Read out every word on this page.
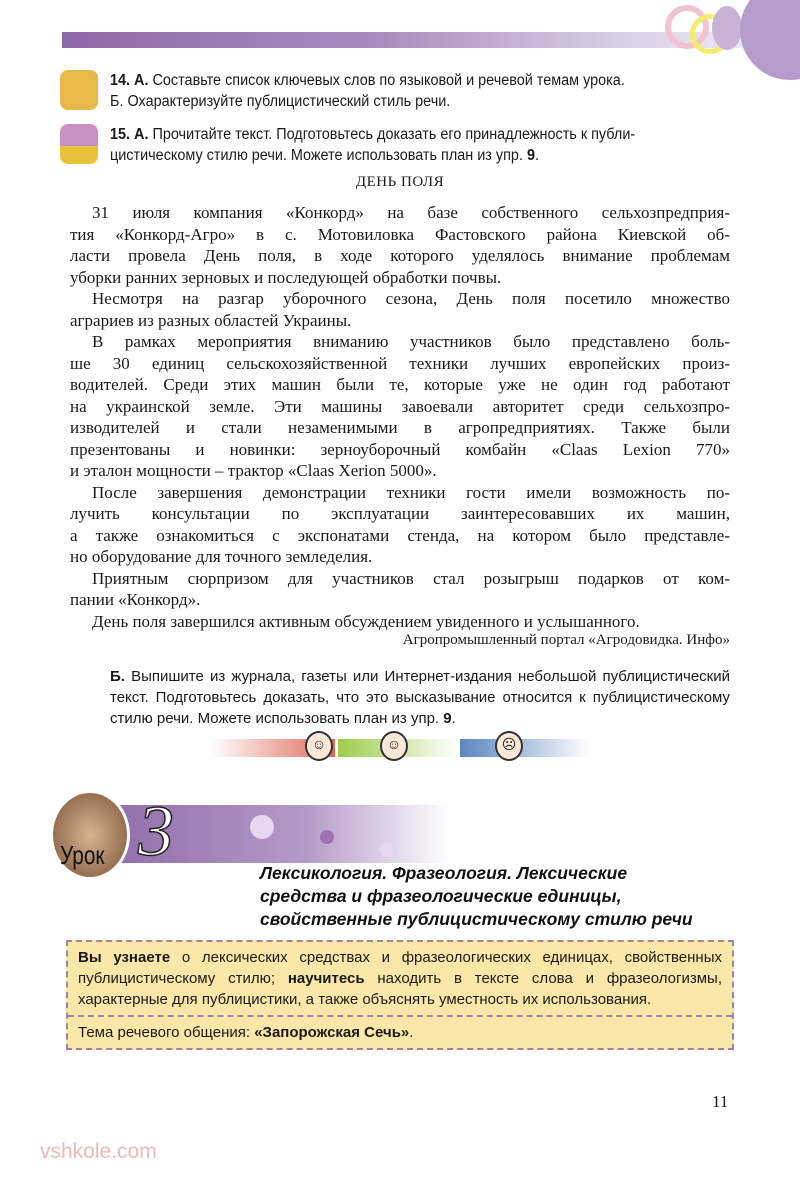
vshkole.com
14. А. Составьте список ключевых слов по языковой и речевой темам урока.
Б. Охарактеризуйте публицистический стиль речи.
15. А. Прочитайте текст. Подготовьтесь доказать его принадлежность к публи-
цистическому стилю речи. Можете использовать план из упр. 9.
ДЕНЬ ПОЛЯ
31 июля компания «Конкорд» на базе собственного сельхозпредприя-
тия «Конкорд-Агро» в с. Мотовиловка Фастовского района Киевской об-
ласти провела День поля, в ходе которого уделялось внимание проблемам
уборки ранних зерновых и последующей обработки почвы.
Несмотря на разгар уборочного сезона, День поля посетило множество
аграриев из разных областей Украины.
В рамках мероприятия вниманию участников было представлено боль-
ше 30 единиц сельскохозяйственной техники лучших европейских произ-
водителей. Среди этих машин были те, которые уже не один год работают
на украинской земле. Эти машины завоевали авторитет среди сельхозпро-
изводителей и стали незаменимыми в агропредприятиях. Также были
презентованы и новинки: зерноуборочный комбайн «Claas Lexion 770»
и эталон мощности – трактор «Claas Xerion 5000».
После завершения демонстрации техники гости имели возможность по-
лучить консультации по эксплуатации заинтересовавших их машин,
а также ознакомиться с экспонатами стенда, на котором было представле-
но оборудование для точного земледелия.
Приятным сюрпризом для участников стал розыгрыш подарков от ком-
пании «Конкорд».
День поля завершился активным обсуждением увиденного и услышанного.
Агропромышленный портал «Агродовидка. Инфо»
Б. Выпишите из журнала, газеты или Интернет-издания небольшой публицистический текст. Подготовьтесь доказать, что это высказывание относится к публицистическому стилю речи. Можете использовать план из упр. 9.
☺	☺	☹
Урок 3
Лексикология. Фразеология. Лексические
средства и фразеологические единицы,
свойственные публицистическому стилю речи
Вы узнаете о лексических средствах и фразеологических единицах, свойственных публицистическому стилю; научитесь находить в тексте слова и фразеологизмы, характерные для публицистики, а также объяснять уместность их использования.
Тема речевого общения: «Запорожская Сечь».
11
